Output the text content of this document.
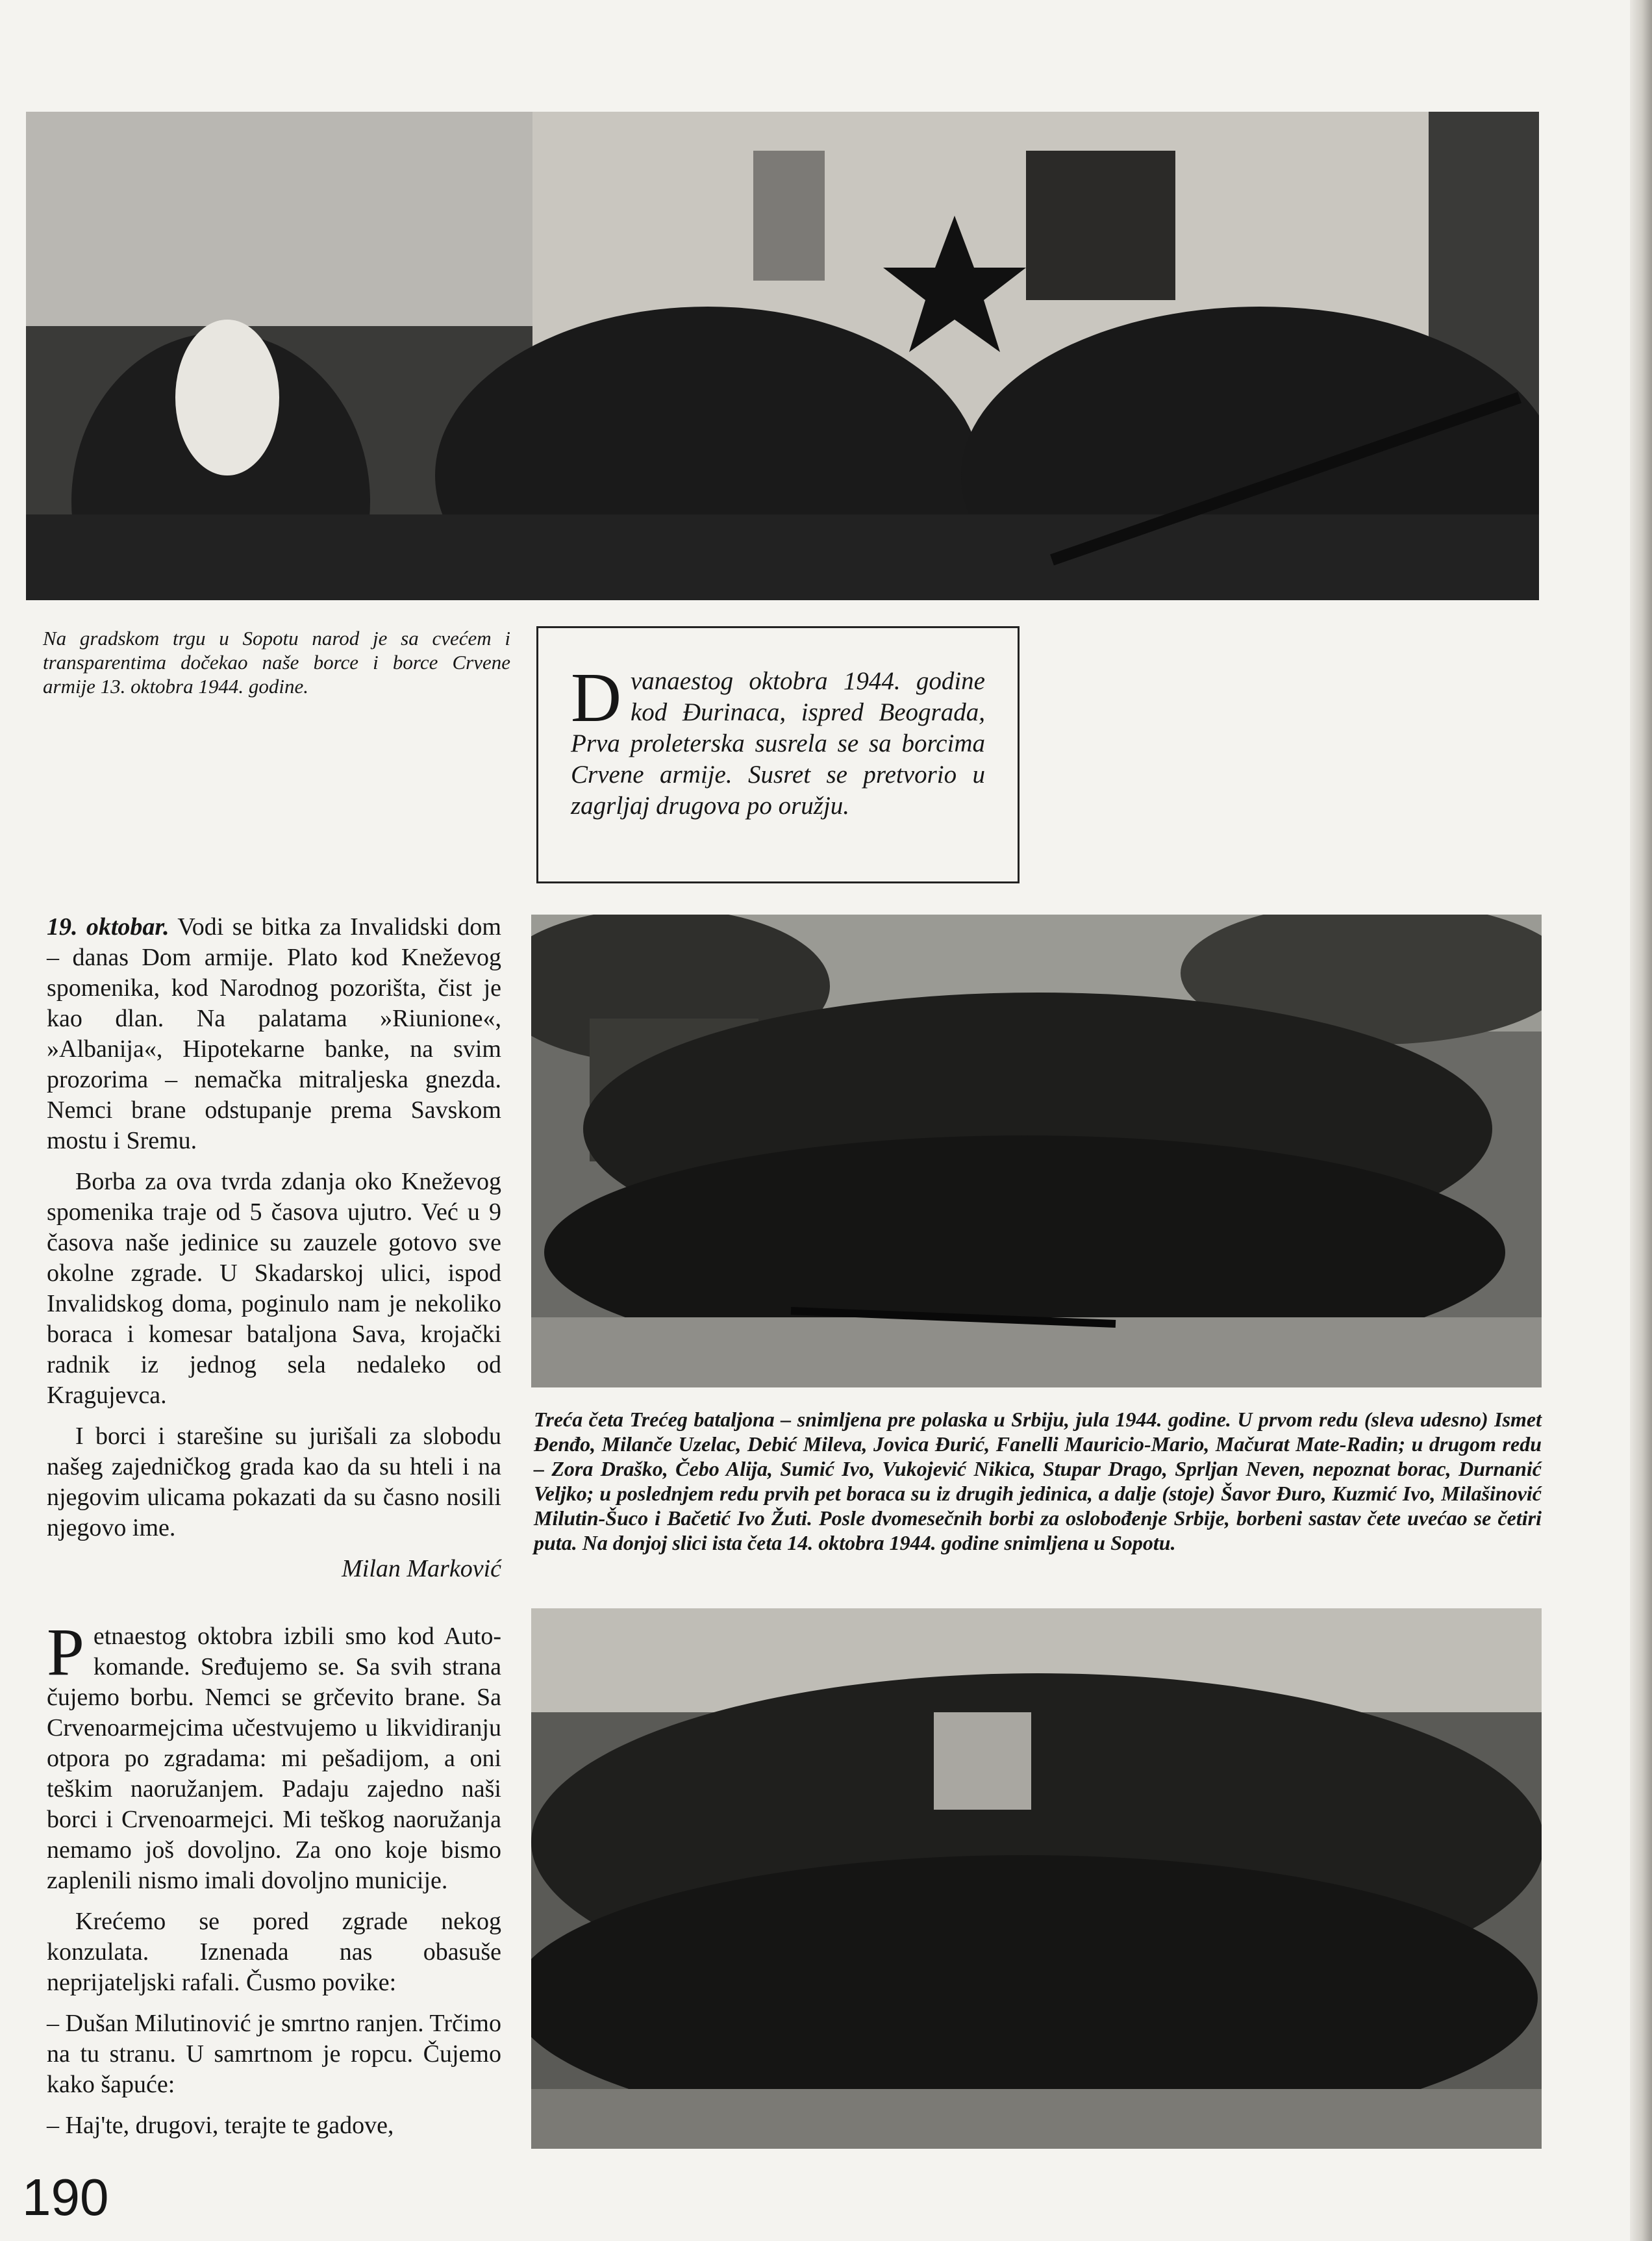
Na gradskom trgu u Sopotu narod je sa cvećem i transparentima dočekao naše borce i borce Crvene armije 13. oktobra 1944. godine.	Dvanaestog oktobra 1944. godine kod Đurinaca, ispred Beograda, Prva proleterska susrela se sa borcima Crvene armije. Susret se pretvorio u zagrljaj drugova po oružju.

19. oktobar. Vodi se bitka za Invalidski dom – danas Dom armije. Plato kod Kneževog spomenika, kod Narodnog pozorišta, čist je kao dlan. Na palatama »Riunione«, »Albanija«, Hipotekarne banke, na svim prozorima – nemačka mitraljeska gnezda. Nemci brane odstupanje prema Savskom mostu i Sremu.

Borba za ova tvrda zdanja oko Kneževog spomenika traje od 5 časova ujutro. Već u 9 časova naše jedinice su zauzele gotovo sve okolne zgrade. U Skadarskoj ulici, ispod Invalidskog doma, poginulo nam je nekoliko boraca i komesar bataljona Sava, krojački radnik iz jednog sela nedaleko od Kragujevca.

I borci i starešine su jurišali za slobodu našeg zajedničkog grada kao da su hteli i na njegovim ulicama pokazati da su časno nosili njegovo ime.

Milan Marković

Treća četa Trećeg bataljona – snimljena pre polaska u Srbiju, jula 1944. godine. U prvom redu (sleva udesno) Ismet Đenđo, Milanče Uzelac, Debić Mileva, Jovica Đurić, Fanelli Mauricio-Mario, Mačurat Mate-Radin; u drugom redu – Zora Draško, Čebo Alija, Sumić Ivo, Vukojević Nikica, Stupar Drago, Sprljan Neven, nepoznat borac, Durnanić Veljko; u poslednjem redu prvih pet boraca su iz drugih jedinica, a dalje (stoje) Šavor Đuro, Kuzmić Ivo, Milašinović Milutin-Šuco i Bačetić Ivo Žuti. Posle dvomesečnih borbi za oslobođenje Srbije, borbeni sastav čete uvećao se četiri puta. Na donjoj slici ista četa 14. oktobra 1944. godine snimljena u Sopotu.

Petnaestog oktobra izbili smo kod Auto-komande. Sređujemo se. Sa svih strana čujemo borbu. Nemci se grčevito brane. Sa Crvenoarmejcima učestvujemo u likvidiranju otpora po zgradama: mi pešadijom, a oni teškim naoružanjem. Padaju zajedno naši borci i Crvenoarmejci. Mi teškog naoružanja nemamo još dovoljno. Za ono koje bismo zaplenili nismo imali dovoljno municije.

Krećemo se pored zgrade nekog konzulata. Iznenada nas obasuše neprijateljski rafali. Čusmo povike:

– Dušan Milutinović je smrtno ranjen. Trčimo na tu stranu. U samrtnom je ropcu. Čujemo kako šapuće:

– Haj'te, drugovi, terajte te gadove,

190
